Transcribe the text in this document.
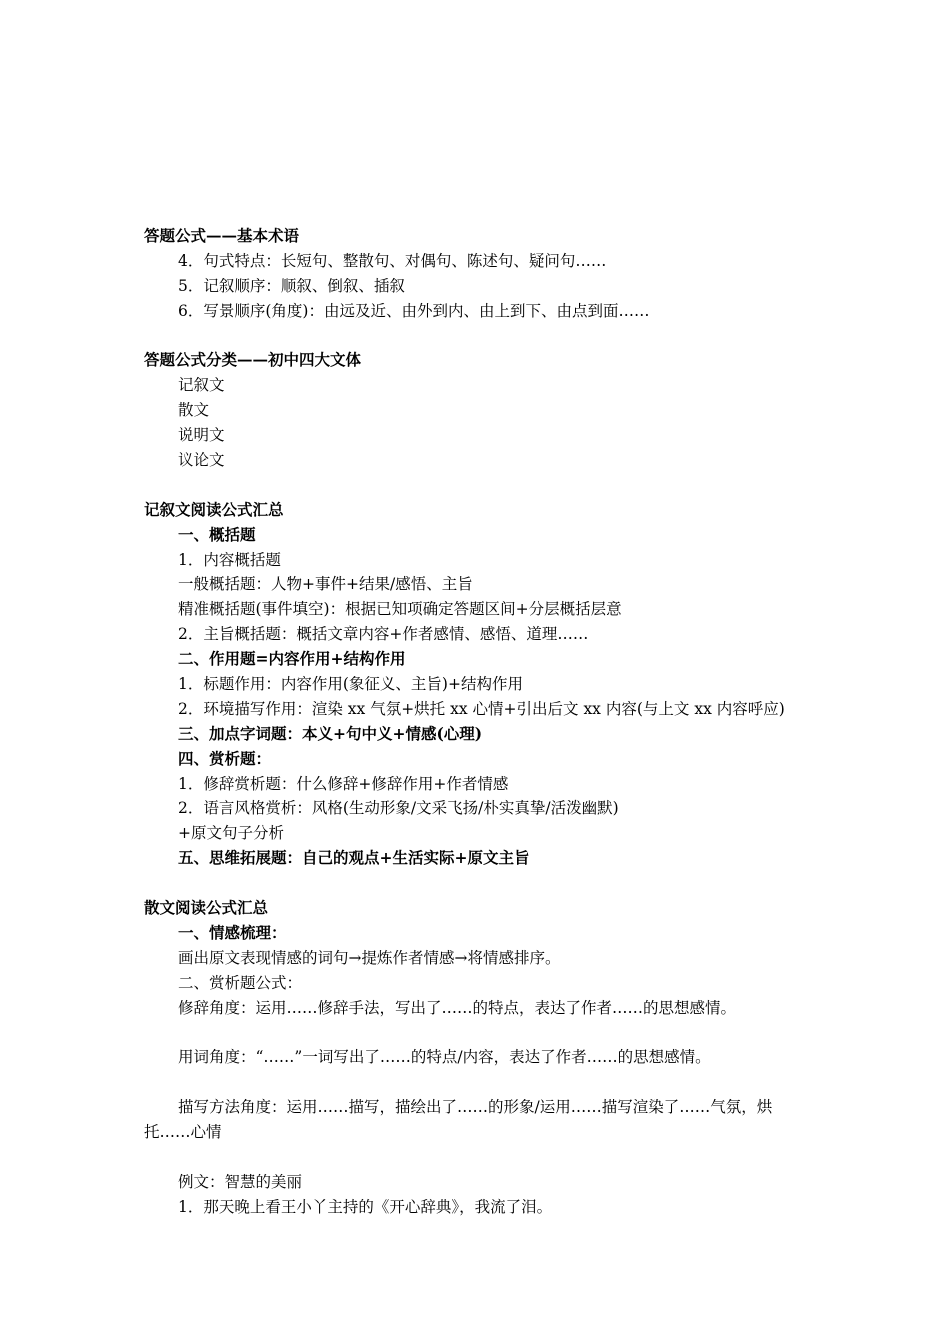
答题公式——基本术语
4．句式特点：长短句、整散句、对偶句、陈述句、疑问句……
5．记叙顺序：顺叙、倒叙、插叙
6．写景顺序(角度)：由远及近、由外到内、由上到下、由点到面……
答题公式分类——初中四大文体
记叙文
散文
说明文
议论文
记叙文阅读公式汇总
一、概括题
1．内容概括题
一般概括题：人物+事件+结果/感悟、主旨
精准概括题(事件填空)：根据已知项确定答题区间+分层概括层意
2．主旨概括题：概括文章内容+作者感情、感悟、道理……
二、作用题=内容作用+结构作用
1．标题作用：内容作用(象征义、主旨)+结构作用
2．环境描写作用：渲染 xx 气氛+烘托 xx 心情+引出后文 xx 内容(与上文 xx 内容呼应)
三、加点字词题：本义+句中义+情感(心理)
四、赏析题：
1．修辞赏析题：什么修辞+修辞作用+作者情感
2．语言风格赏析：风格(生动形象/文采飞扬/朴实真挚/活泼幽默)
+原文句子分析
五、思维拓展题：自己的观点+生活实际+原文主旨
散文阅读公式汇总
一、情感梳理：
画出原文表现情感的词句→提炼作者情感→将情感排序。
二、赏析题公式：
修辞角度：运用……修辞手法，写出了……的特点，表达了作者……的思想感情。
用词角度：“……”一词写出了……的特点/内容，表达了作者……的思想感情。
描写方法角度：运用……描写，描绘出了……的形象/运用……描写渲染了……气氛，烘托……心情
例文：智慧的美丽
1．那天晚上看王小丫主持的《开心辞典》，我流了泪。
